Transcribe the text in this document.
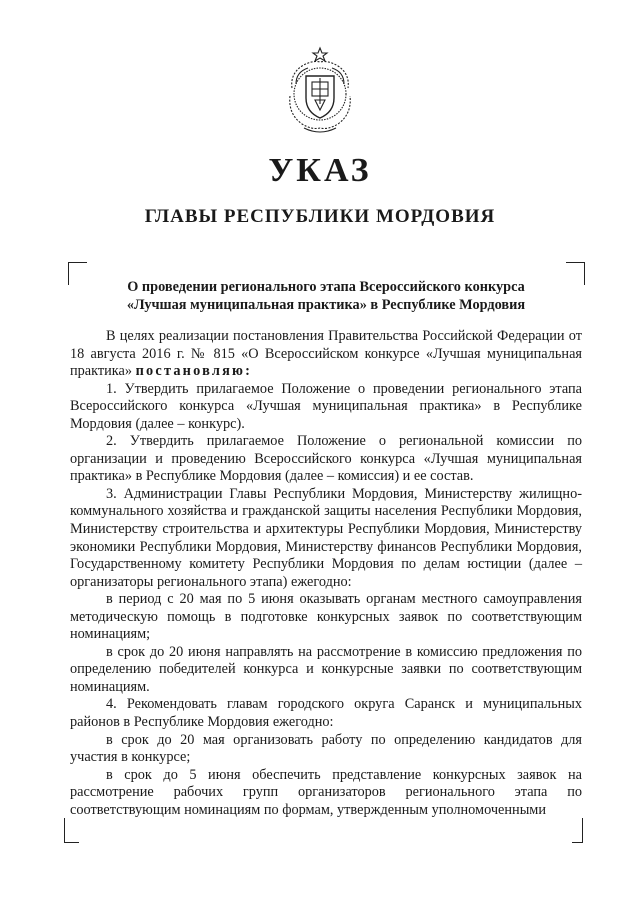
УКАЗ
ГЛАВЫ РЕСПУБЛИКИ МОРДОВИЯ
О проведении регионального этапа Всероссийского конкурса
«Лучшая муниципальная практика» в Республике Мордовия

В целях реализации постановления Правительства Российской Федерации от 18 августа 2016 г. № 815 «О Всероссийском конкурсе «Лучшая муниципальная практика» постановляю:

1. Утвердить прилагаемое Положение о проведении регионального этапа Всероссийского конкурса «Лучшая муниципальная практика» в Республике Мордовия (далее – конкурс).

2. Утвердить прилагаемое Положение о региональной комиссии по организации и проведению Всероссийского конкурса «Лучшая муниципальная практика» в Республике Мордовия (далее – комиссия) и ее состав.

3. Администрации Главы Республики Мордовия, Министерству жилищно-коммунального хозяйства и гражданской защиты населения Республики Мордовия, Министерству строительства и архитектуры Республики Мордовия, Министерству экономики Республики Мордовия, Министерству финансов Республики Мордовия, Государственному комитету Республики Мордовия по делам юстиции (далее – организаторы регионального этапа) ежегодно:

в период с 20 мая по 5 июня оказывать органам местного самоуправления методическую помощь в подготовке конкурсных заявок по соответствующим номинациям;

в срок до 20 июня направлять на рассмотрение в комиссию предложения по определению победителей конкурса и конкурсные заявки по соответствующим номинациям.

4. Рекомендовать главам городского округа Саранск и муниципальных районов в Республике Мордовия ежегодно:

в срок до 20 мая организовать работу по определению кандидатов для участия в конкурсе;

в срок до 5 июня обеспечить представление конкурсных заявок на рассмотрение рабочих групп организаторов регионального этапа по соответствующим номинациям по формам, утвержденным уполномоченными
